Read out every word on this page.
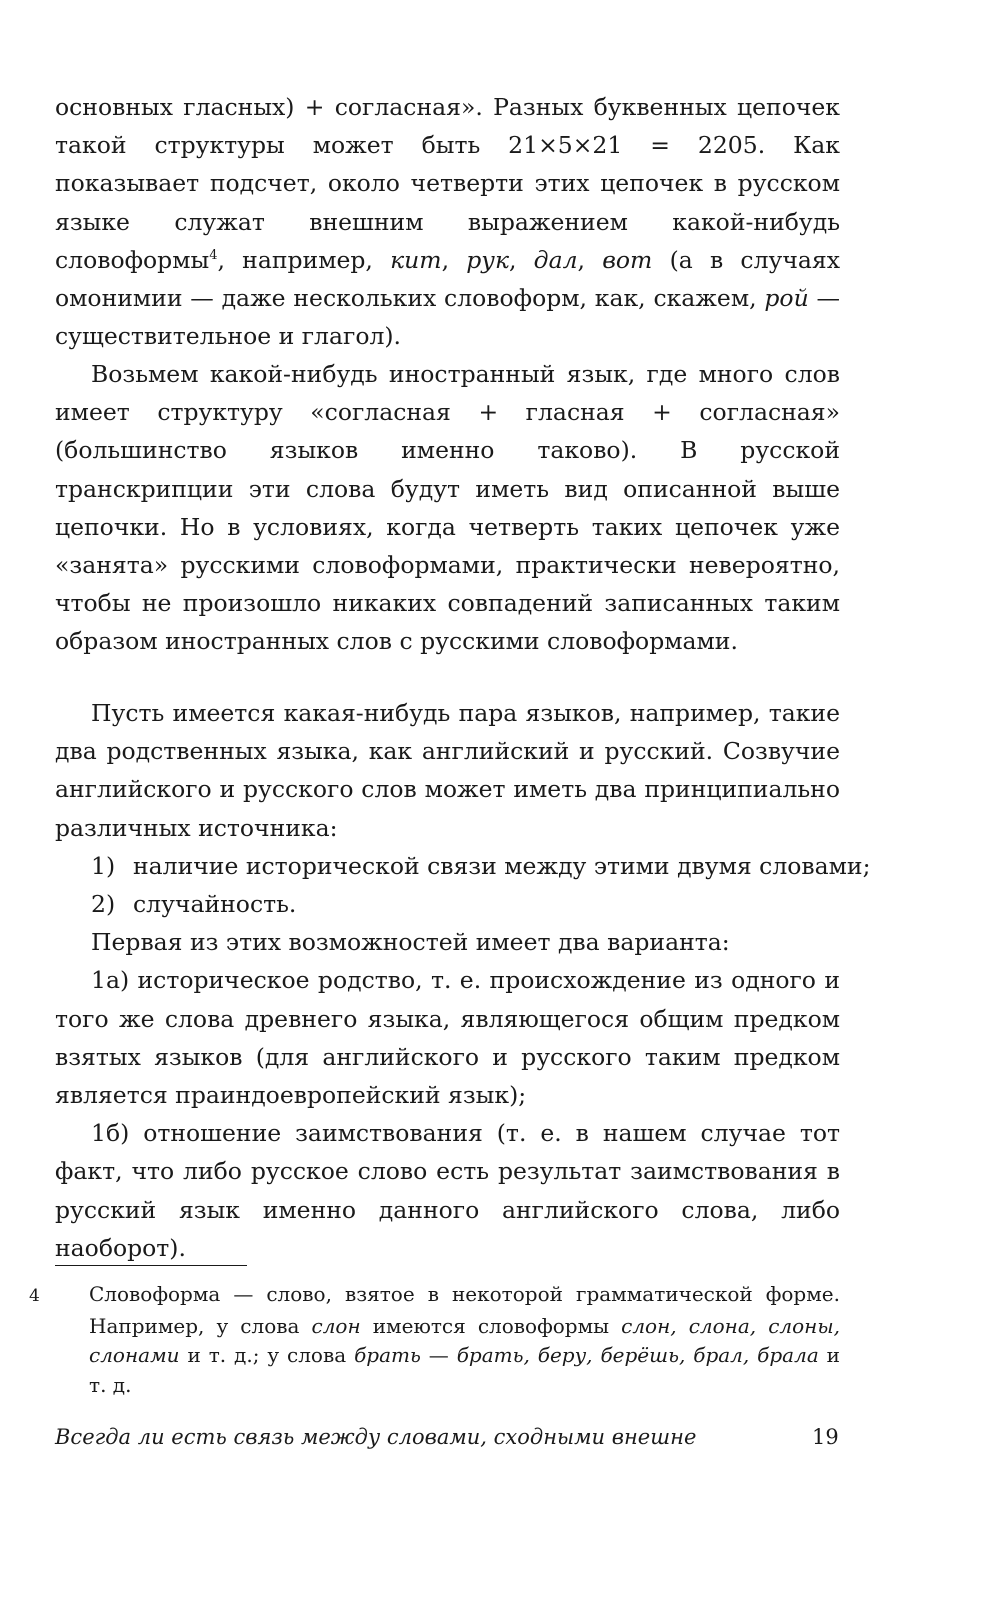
основных гласных) + согласная». Разных буквенных цепочек такой структуры может быть 21×5×21 = 2205. Как показывает подсчет, около четверти этих цепочек в русском языке служат внешним выражением какой-нибудь словоформы$^4$, например, кит, рук, дал, вот (а в случаях омонимии — даже нескольких словоформ, как, скажем, рой — существительное и глагол).

Возьмем какой-нибудь иностранный язык, где много слов имеет структуру «согласная + гласная + согласная» (большинство языков именно таково). В русской транскрипции эти слова будут иметь вид описанной выше цепочки. Но в условиях, когда четверть таких цепочек уже «занята» русскими словоформами, практически невероятно, чтобы не произошло никаких совпадений записанных таким образом иностранных слов с русскими словоформами.

Пусть имеется какая-нибудь пара языков, например, такие два родственных языка, как английский и русский. Созвучие английского и русского слов может иметь два принципиально различных источника:

1) наличие исторической связи между этими двумя словами;

2) случайность.

Первая из этих возможностей имеет два варианта:

1а) историческое родство, т. е. происхождение из одного и того же слова древнего языка, являющегося общим предком взятых языков (для английского и русского таким предком является праиндоевропейский язык);

1б) отношение заимствования (т. е. в нашем случае тот факт, что либо русское слово есть результат заимствования в русский язык именно данного английского слова, либо наоборот).

4 Словоформа — слово, взятое в некоторой грамматической форме. Например, у слова слон имеются словоформы слон, слона, слоны, слонами и т. д.; у слова брать — брать, беру, берёшь, брал, брала и т. д.

Всегда ли есть связь между словами, сходными внешне	19
